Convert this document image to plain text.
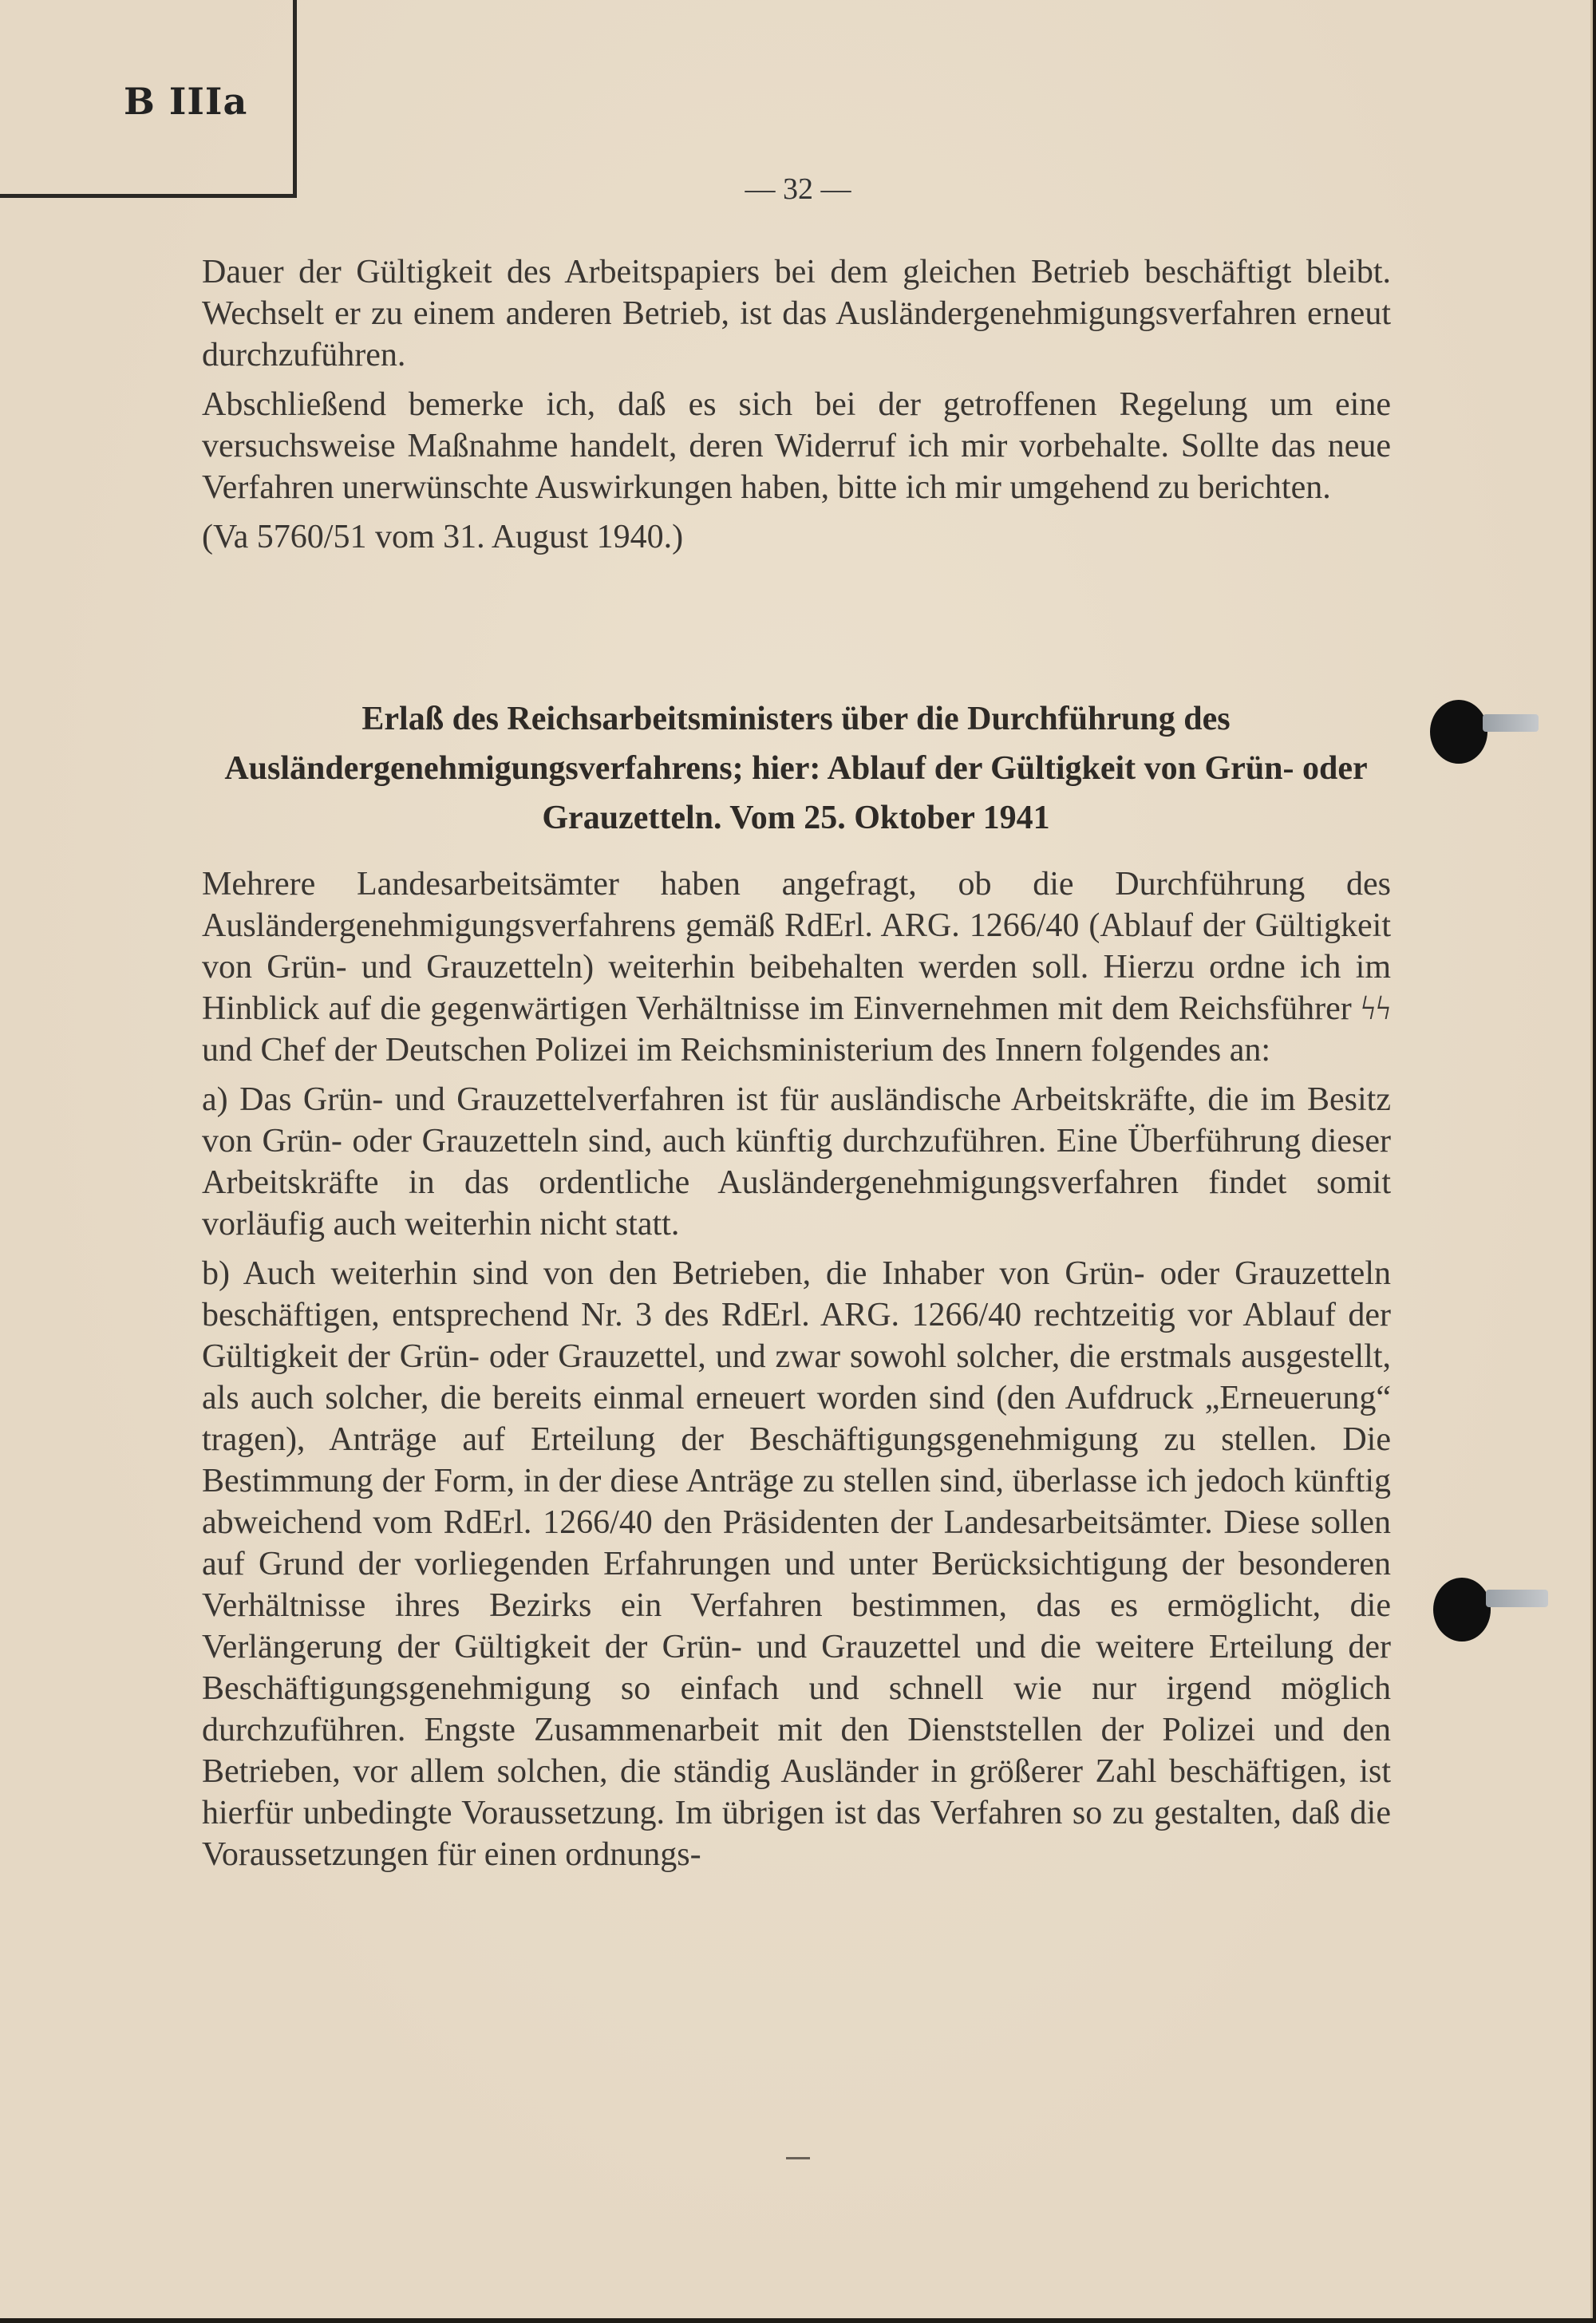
B IIIa
— 32 —

Dauer der Gültigkeit des Arbeitspapiers bei dem gleichen Betrieb beschäftigt bleibt. Wechselt er zu einem anderen Betrieb, ist das Ausländergenehmigungsverfahren erneut durchzuführen.

Abschließend bemerke ich, daß es sich bei der getroffenen Regelung um eine versuchsweise Maßnahme handelt, deren Widerruf ich mir vorbehalte. Sollte das neue Verfahren unerwünschte Auswirkungen haben, bitte ich mir umgehend zu berichten.

(Va 5760/51 vom 31. August 1940.)

Erlaß des Reichsarbeitsministers über die Durchführung des Ausländergenehmigungsverfahrens; hier: Ablauf der Gültigkeit von Grün- oder Grauzetteln. Vom 25. Oktober 1941

Mehrere Landesarbeitsämter haben angefragt, ob die Durchführung des Ausländergenehmigungsverfahrens gemäß RdErl. ARG. 1266/40 (Ablauf der Gültigkeit von Grün- und Grauzetteln) weiterhin beibehalten werden soll. Hierzu ordne ich im Hinblick auf die gegenwärtigen Verhältnisse im Einvernehmen mit dem Reichsführer ϟϟ und Chef der Deutschen Polizei im Reichsministerium des Innern folgendes an:

a) Das Grün- und Grauzettelverfahren ist für ausländische Arbeitskräfte, die im Besitz von Grün- oder Grauzetteln sind, auch künftig durchzuführen. Eine Überführung dieser Arbeitskräfte in das ordentliche Ausländergenehmigungsverfahren findet somit vorläufig auch weiterhin nicht statt.

b) Auch weiterhin sind von den Betrieben, die Inhaber von Grün- oder Grauzetteln beschäftigen, entsprechend Nr. 3 des RdErl. ARG. 1266/40 rechtzeitig vor Ablauf der Gültigkeit der Grün- oder Grauzettel, und zwar sowohl solcher, die erstmals ausgestellt, als auch solcher, die bereits einmal erneuert worden sind (den Aufdruck „Erneuerung“ tragen), Anträge auf Erteilung der Beschäftigungsgenehmigung zu stellen. Die Bestimmung der Form, in der diese Anträge zu stellen sind, überlasse ich jedoch künftig abweichend vom RdErl. 1266/40 den Präsidenten der Landesarbeitsämter. Diese sollen auf Grund der vorliegenden Erfahrungen und unter Berücksichtigung der besonderen Verhältnisse ihres Bezirks ein Verfahren bestimmen, das es ermöglicht, die Verlängerung der Gültigkeit der Grün- und Grauzettel und die weitere Erteilung der Beschäftigungsgenehmigung so einfach und schnell wie nur irgend möglich durchzuführen. Engste Zusammenarbeit mit den Dienststellen der Polizei und den Betrieben, vor allem solchen, die ständig Ausländer in größerer Zahl beschäftigen, ist hierfür unbedingte Voraussetzung. Im übrigen ist das Verfahren so zu gestalten, daß die Voraussetzungen für einen ordnungs-
